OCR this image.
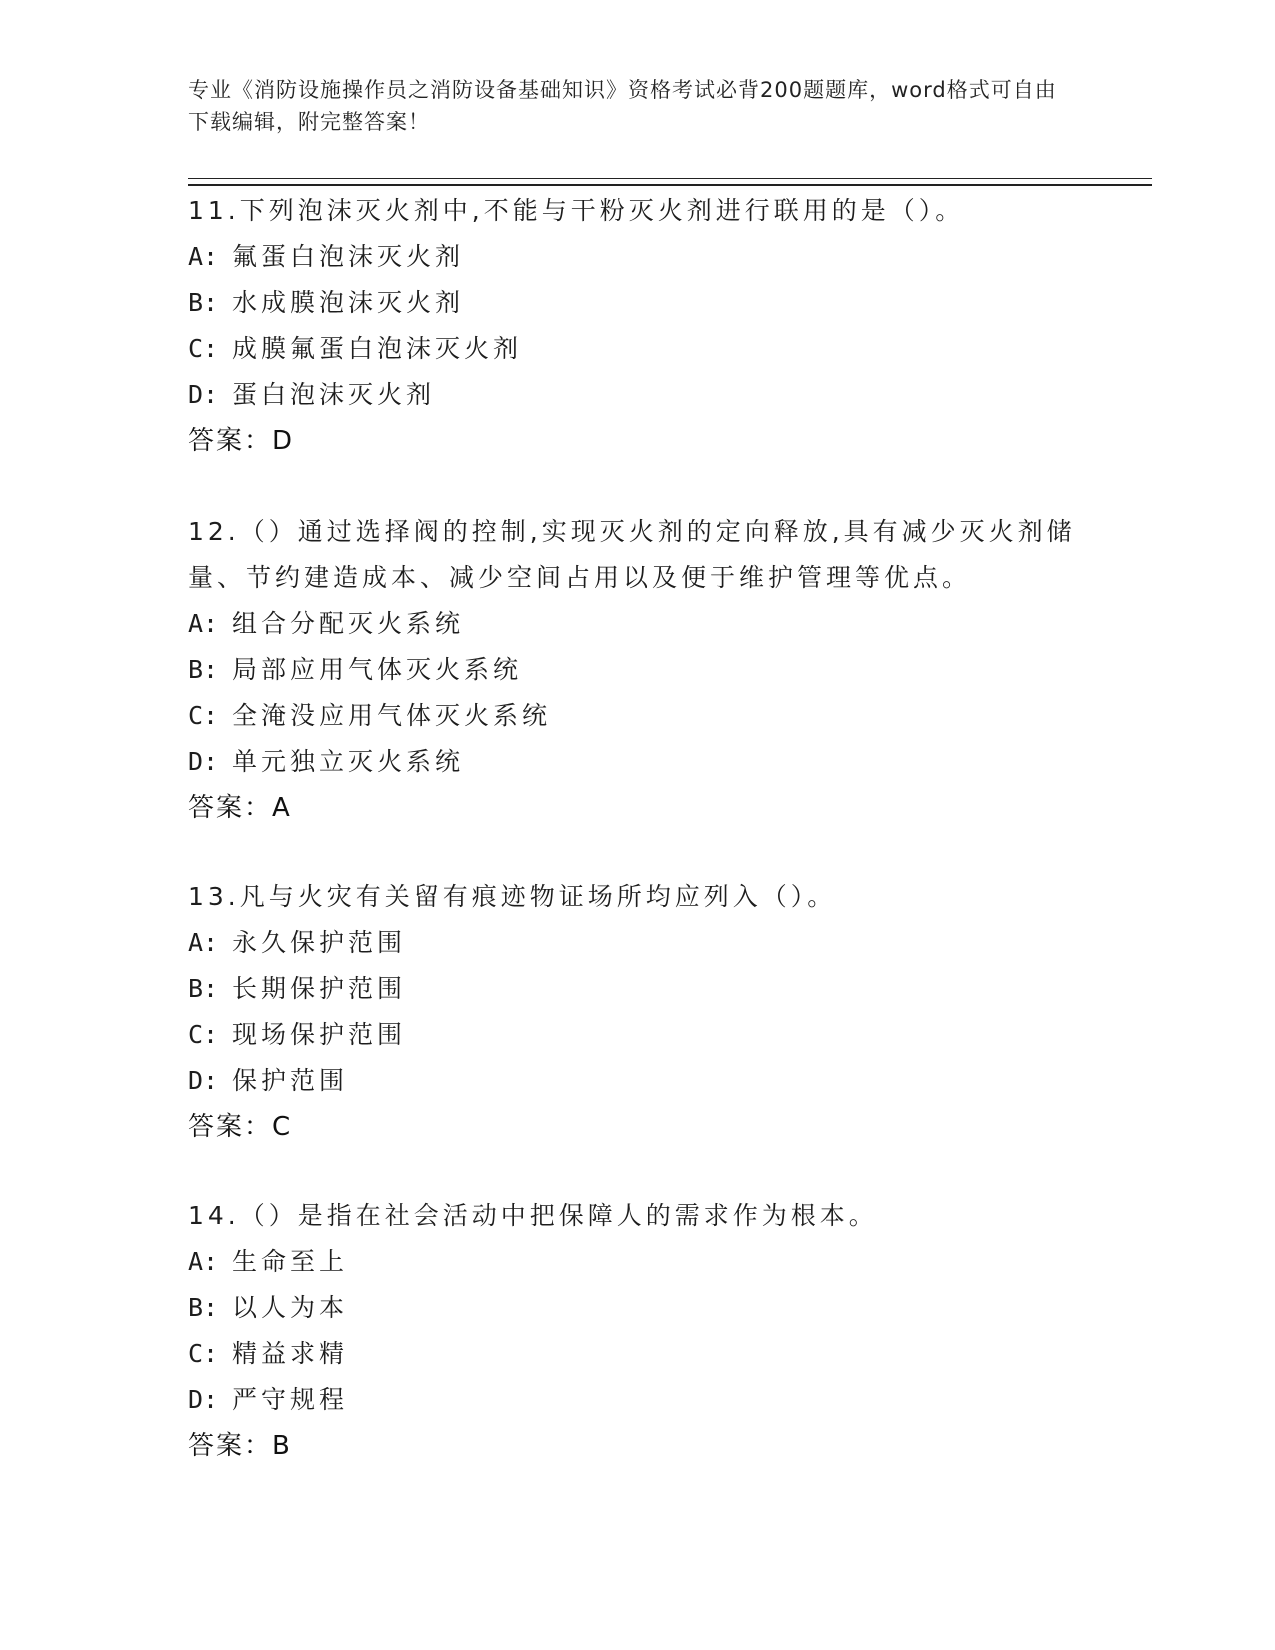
专业《消防设施操作员之消防设备基础知识》资格考试必背200题题库，word格式可自由下载编辑，附完整答案！

11.下列泡沫灭火剂中,不能与干粉灭火剂进行联用的是（）。

A: 氟蛋白泡沫灭火剂
B: 水成膜泡沫灭火剂
C: 成膜氟蛋白泡沫灭火剂
D: 蛋白泡沫灭火剂
答案：D

12.（）通过选择阀的控制,实现灭火剂的定向释放,具有减少灭火剂储量、节约建造成本、减少空间占用以及便于维护管理等优点。

A: 组合分配灭火系统
B: 局部应用气体灭火系统
C: 全淹没应用气体灭火系统
D: 单元独立灭火系统
答案：A

13.凡与火灾有关留有痕迹物证场所均应列入（）。

A: 永久保护范围
B: 长期保护范围
C: 现场保护范围
D: 保护范围
答案：C

14.（）是指在社会活动中把保障人的需求作为根本。

A: 生命至上
B: 以人为本
C: 精益求精
D: 严守规程
答案：B
